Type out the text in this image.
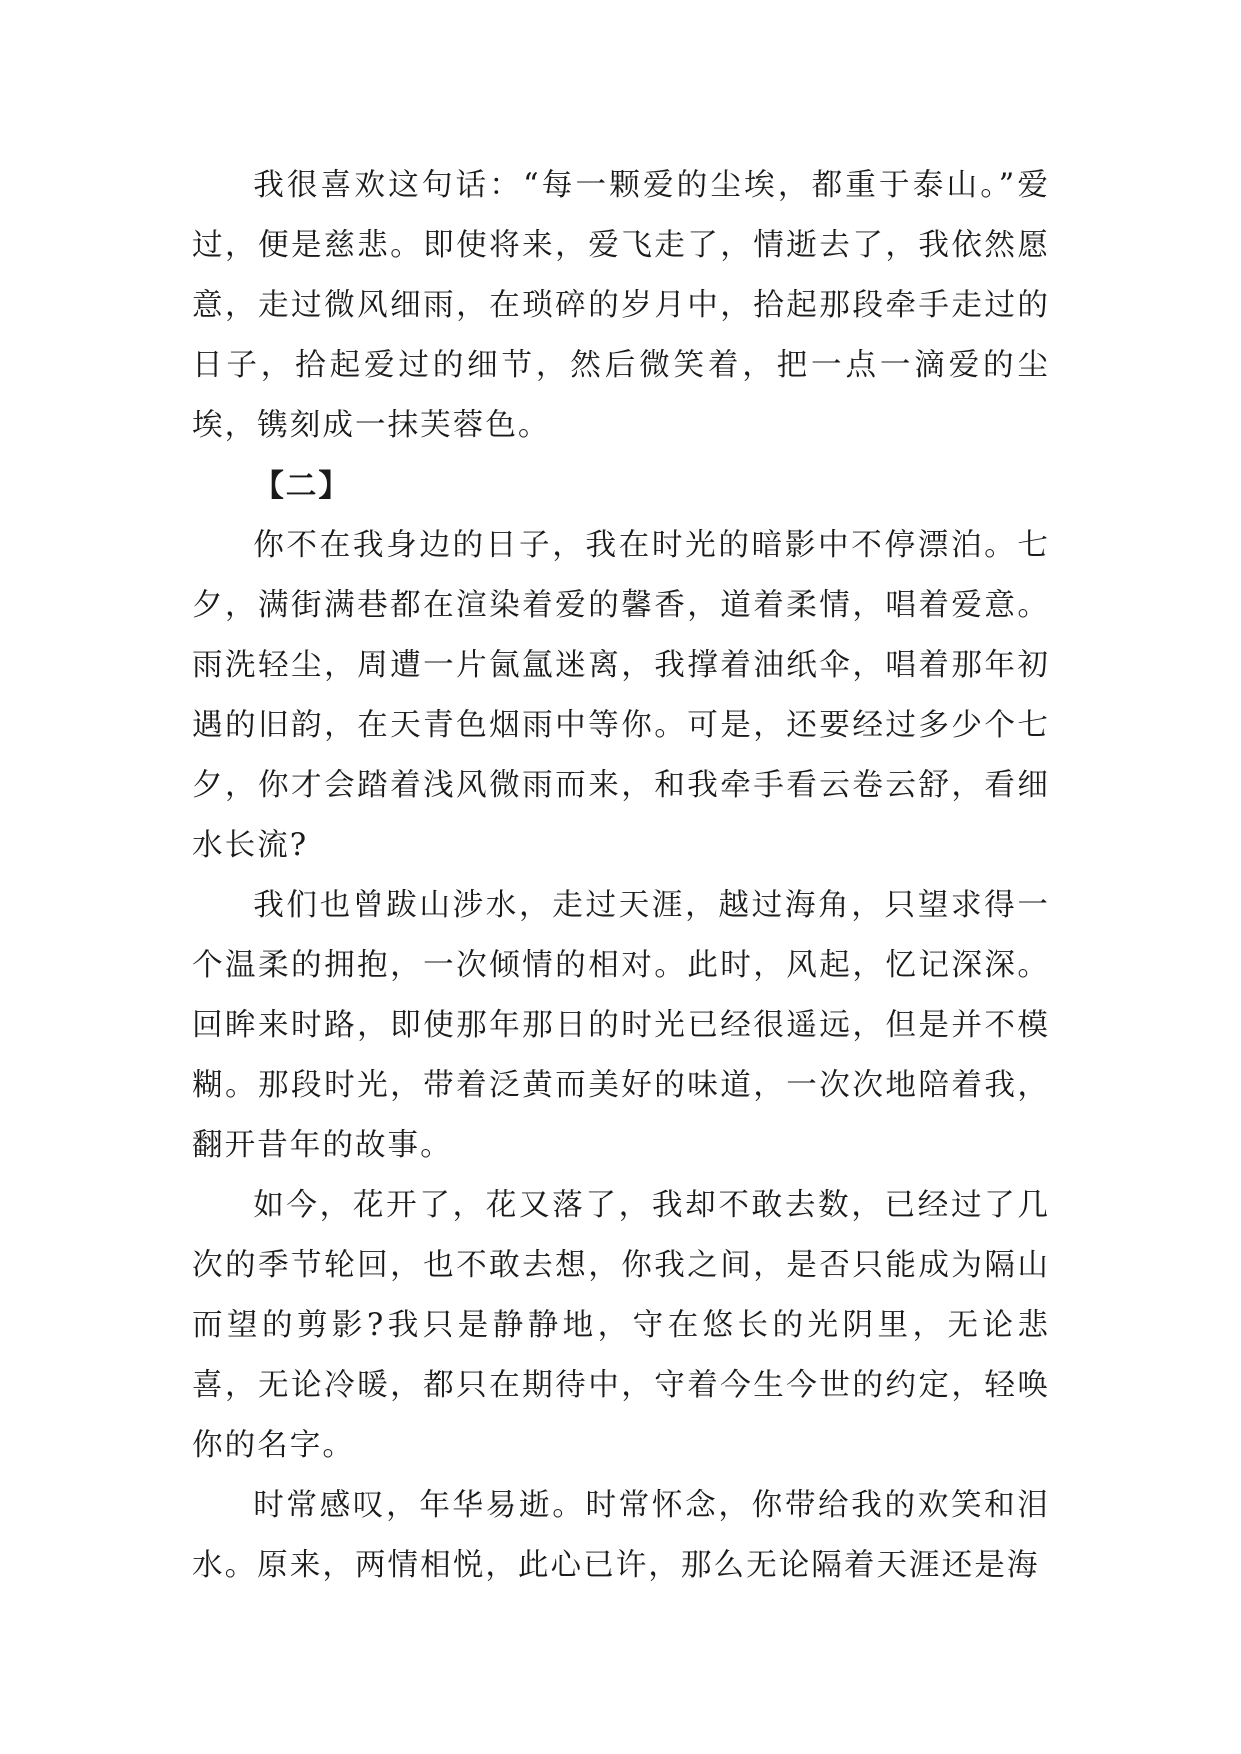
我很喜欢这句话：“每一颗爱的尘埃，都重于泰山。”爱过，便是慈悲。即使将来，爱飞走了，情逝去了，我依然愿意，走过微风细雨，在琐碎的岁月中，拾起那段牵手走过的日子，拾起爱过的细节，然后微笑着，把一点一滴爱的尘埃，镌刻成一抹芙蓉色。

【二】

你不在我身边的日子，我在时光的暗影中不停漂泊。七夕，满街满巷都在渲染着爱的馨香，道着柔情，唱着爱意。雨洗轻尘，周遭一片氤氲迷离，我撑着油纸伞，唱着那年初遇的旧韵，在天青色烟雨中等你。可是，还要经过多少个七夕，你才会踏着浅风微雨而来，和我牵手看云卷云舒，看细水长流?

我们也曾跋山涉水，走过天涯，越过海角，只望求得一个温柔的拥抱，一次倾情的相对。此时，风起，忆记深深。回眸来时路，即使那年那日的时光已经很遥远，但是并不模糊。那段时光，带着泛黄而美好的味道，一次次地陪着我，翻开昔年的故事。

如今，花开了，花又落了，我却不敢去数，已经过了几次的季节轮回，也不敢去想，你我之间，是否只能成为隔山而望的剪影?我只是静静地，守在悠长的光阴里，无论悲喜，无论冷暖，都只在期待中，守着今生今世的约定，轻唤你的名字。

时常感叹，年华易逝。时常怀念，你带给我的欢笑和泪水。原来，两情相悦，此心已许，那么无论隔着天涯还是海
